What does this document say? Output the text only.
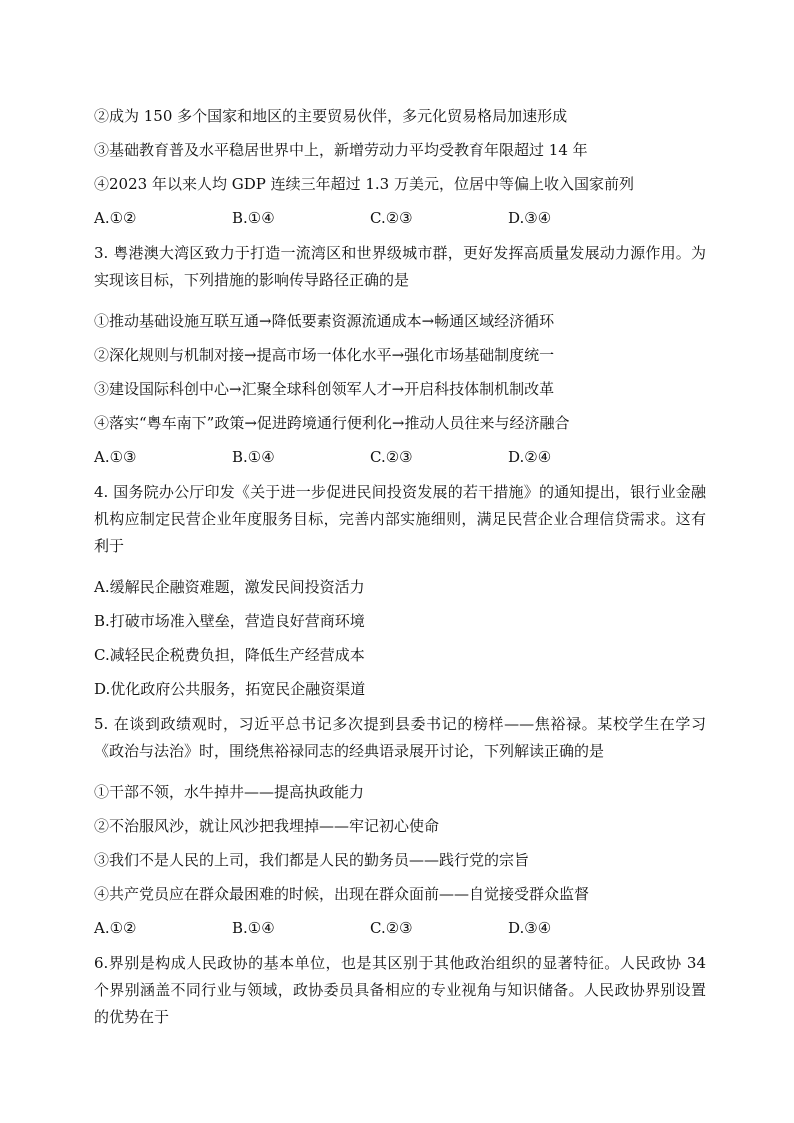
②成为 150 多个国家和地区的主要贸易伙伴，多元化贸易格局加速形成

③基础教育普及水平稳居世界中上，新增劳动力平均受教育年限超过 14 年

④2023 年以来人均 GDP 连续三年超过 1.3 万美元，位居中等偏上收入国家前列

A.①②	B.①④	C.②③	D.③④

3. 粤港澳大湾区致力于打造一流湾区和世界级城市群，更好发挥高质量发展动力源作用。为实现该目标，下列措施的影响传导路径正确的是

①推动基础设施互联互通→降低要素资源流通成本→畅通区域经济循环

②深化规则与机制对接→提高市场一体化水平→强化市场基础制度统一

③建设国际科创中心→汇聚全球科创领军人才→开启科技体制机制改革

④落实“粤车南下”政策→促进跨境通行便利化→推动人员往来与经济融合

A.①③	B.①④	C.②③	D.②④

4. 国务院办公厅印发《关于进一步促进民间投资发展的若干措施》的通知提出，银行业金融机构应制定民营企业年度服务目标，完善内部实施细则，满足民营企业合理信贷需求。这有利于

A.缓解民企融资难题，激发民间投资活力

B.打破市场准入壁垒，营造良好营商环境

C.减轻民企税费负担，降低生产经营成本

D.优化政府公共服务，拓宽民企融资渠道

5. 在谈到政绩观时，习近平总书记多次提到县委书记的榜样——焦裕禄。某校学生在学习《政治与法治》时，围绕焦裕禄同志的经典语录展开讨论，下列解读正确的是

①干部不领，水牛掉井——提高执政能力

②不治服风沙，就让风沙把我埋掉——牢记初心使命

③我们不是人民的上司，我们都是人民的勤务员——践行党的宗旨

④共产党员应在群众最困难的时候，出现在群众面前——自觉接受群众监督

A.①②	B.①④	C.②③	D.③④

6.界别是构成人民政协的基本单位，也是其区别于其他政治组织的显著特征。人民政协 34 个界别涵盖不同行业与领域，政协委员具备相应的专业视角与知识储备。人民政协界别设置的优势在于
